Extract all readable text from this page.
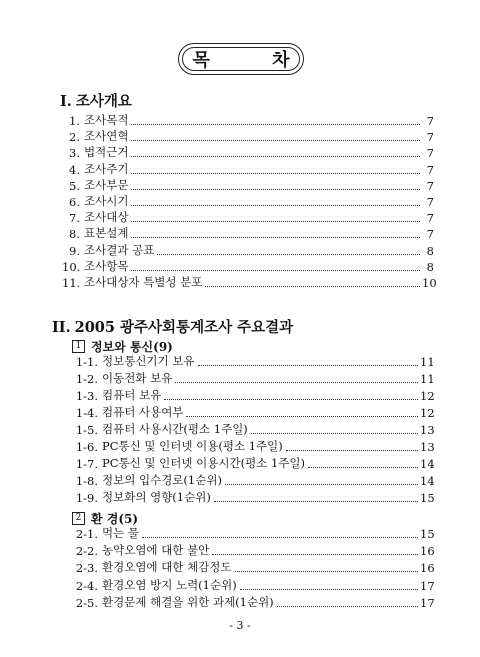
목 차
I. 조사개요
1. 조사목적	7
2. 조사연혁	7
3. 법적근거	7
4. 조사주기	7
5. 조사부문	7
6. 조사시기	7
7. 조사대상	7
8. 표본설계	7
9. 조사결과 공표	8
10. 조사항목	8
11. 조사대상자 특별성 분포	10
II. 2005 광주사회통계조사 주요결과
1 정보와 통신(9)
1-1. 정보통신기기 보유	11
1-2. 이동전화 보유	11
1-3. 컴퓨터 보유	12
1-4. 컴퓨터 사용여부	12
1-5. 컴퓨터 사용시간(평소 1주일)	13
1-6. PC통신 및 인터넷 이용(평소 1주일)	13
1-7. PC통신 및 인터넷 이용시간(평소 1주일)	14
1-8. 정보의 입수경로(1순위)	14
1-9. 정보화의 영향(1순위)	15
2 환 경(5)
2-1. 먹는 물	15
2-2. 농약오염에 대한 불안	16
2-3. 환경오염에 대한 체감정도	16
2-4. 환경오염 방지 노력(1순위)	17
2-5. 환경문제 해결을 위한 과제(1순위)	17
- 3 -
